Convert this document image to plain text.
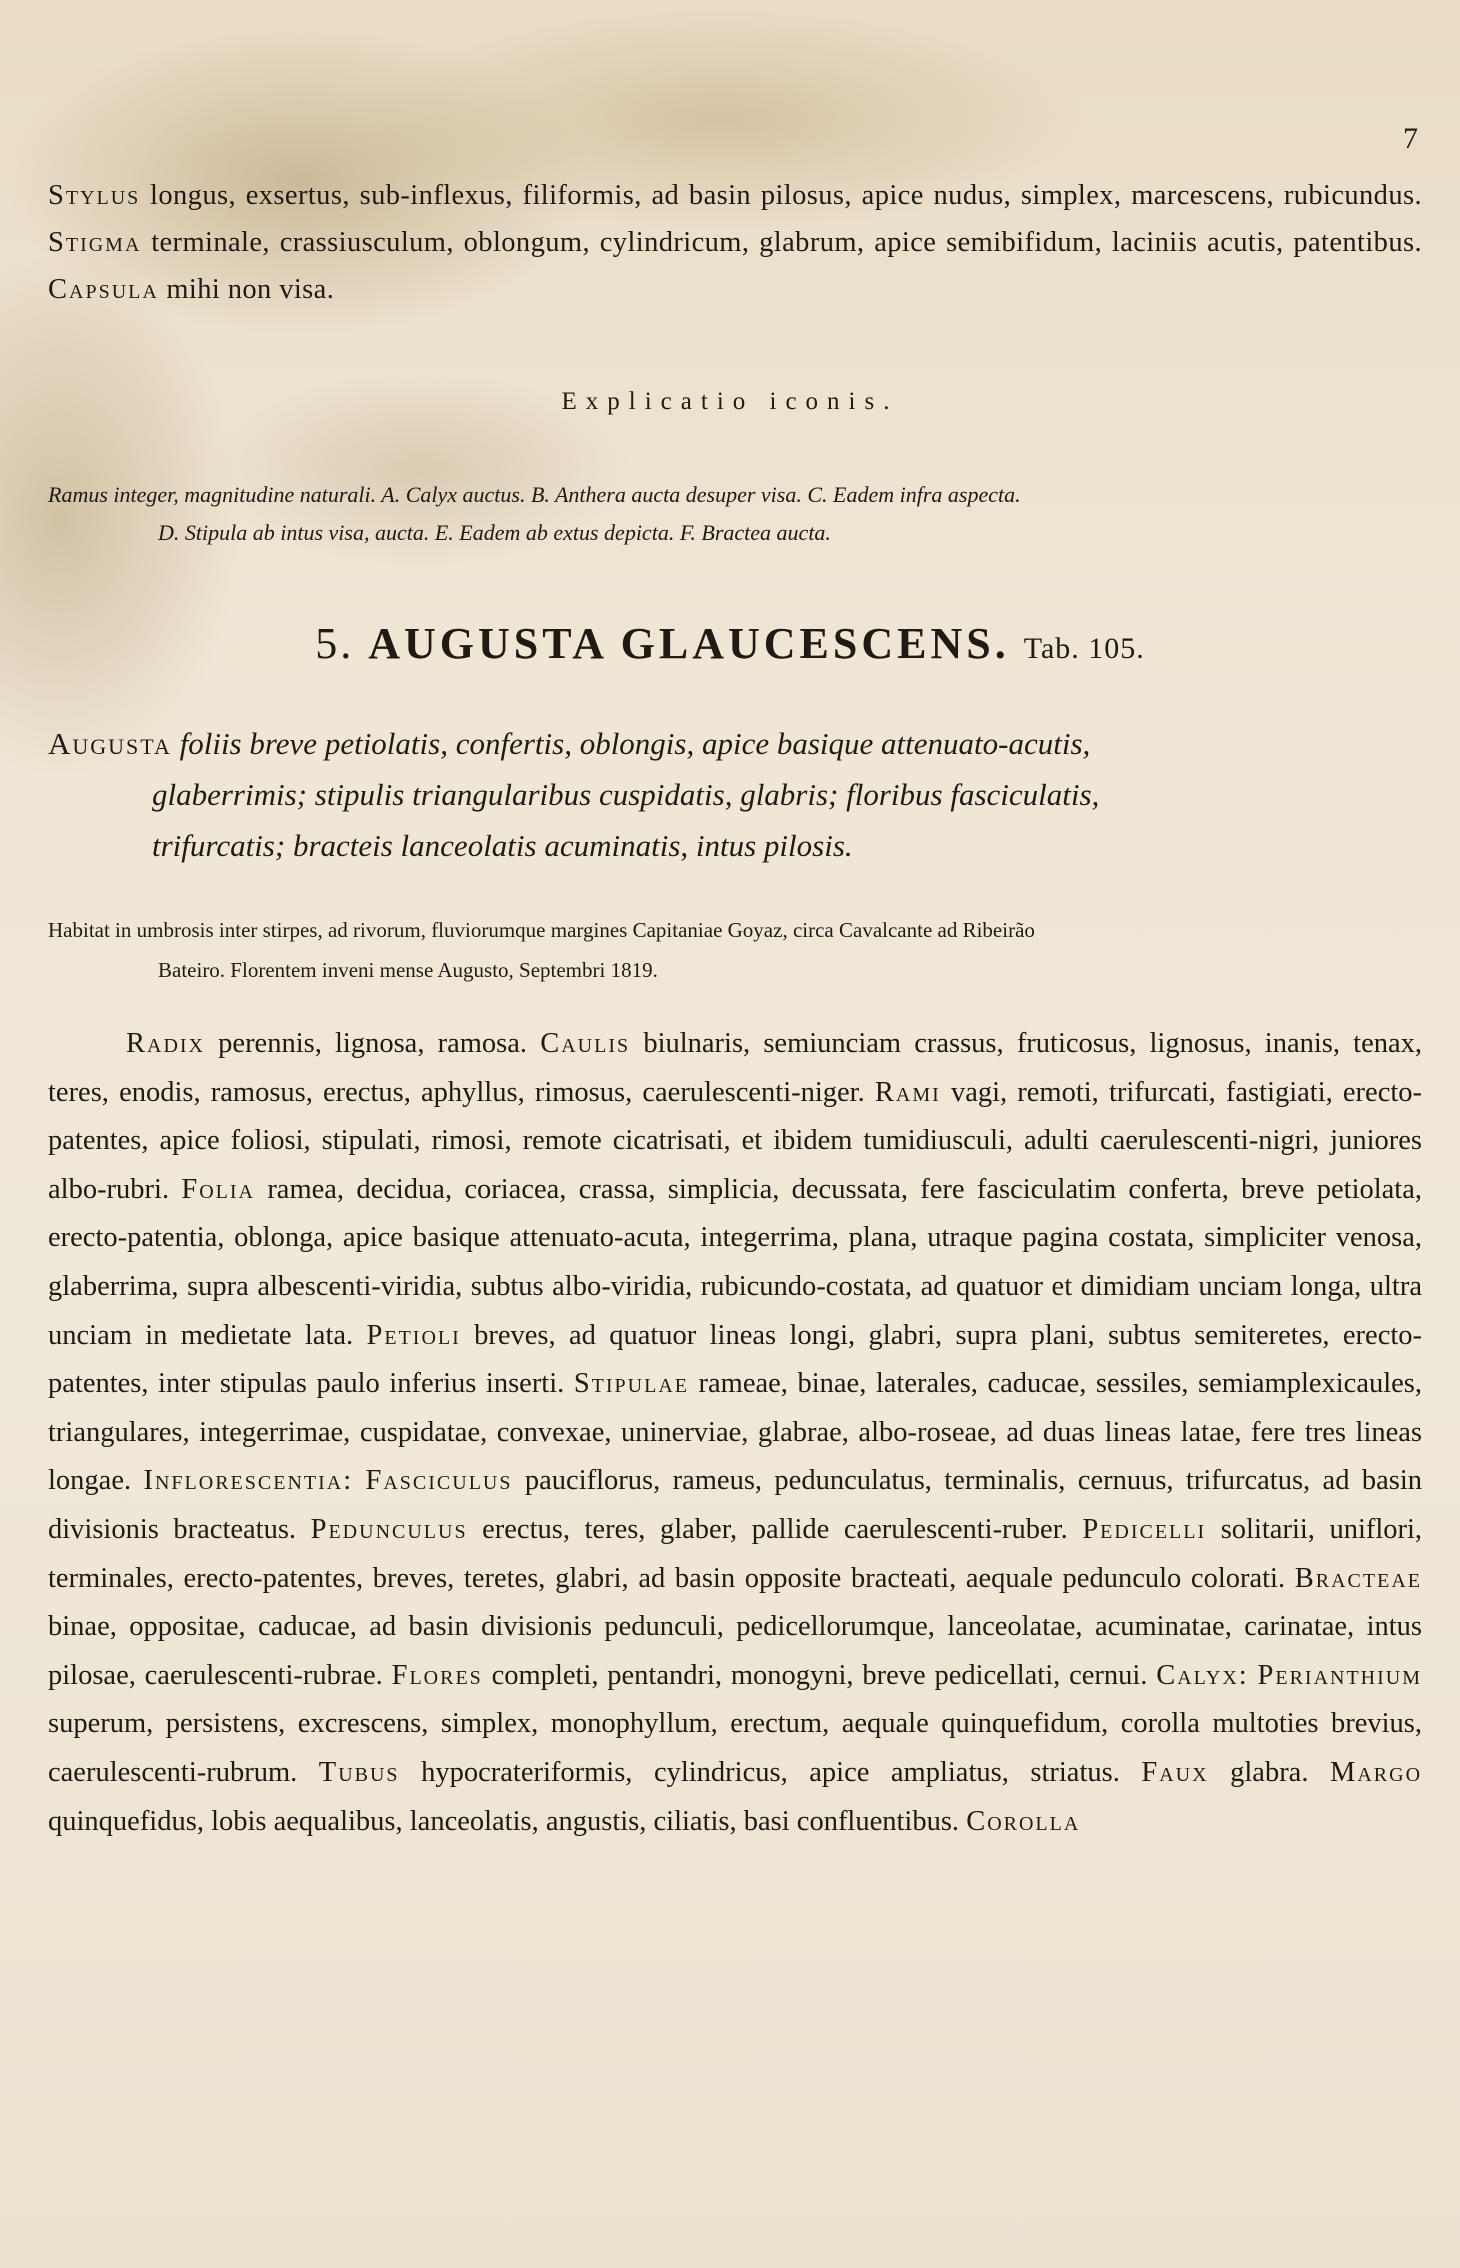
7

Stylus longus, exsertus, sub-inflexus, filiformis, ad basin pilosus, apice nudus, simplex, marcescens, rubicundus. Stigma terminale, crassiusculum, oblongum, cylindricum, glabrum, apice semibifidum, laciniis acutis, patentibus. Capsula mihi non visa.

Explicatio iconis.

Ramus integer, magnitudine naturali. A. Calyx auctus. B. Anthera aucta desuper visa. C. Eadem infra aspecta.

D. Stipula ab intus visa, aucta. E. Eadem ab extus depicta. F. Bractea aucta.

5. AUGUSTA GLAUCESCENS. Tab. 105.

Augusta foliis breve petiolatis, confertis, oblongis, apice basique attenuato-acutis,

glaberrimis; stipulis triangularibus cuspidatis, glabris; floribus fasciculatis,

trifurcatis; bracteis lanceolatis acuminatis, intus pilosis.

Habitat in umbrosis inter stirpes, ad rivorum, fluviorumque margines Capitaniae Goyaz, circa Cavalcante ad Ribeirão

Bateiro. Florentem inveni mense Augusto, Septembri 1819.

Radix perennis, lignosa, ramosa. Caulis biulnaris, semiunciam crassus, fruticosus, lignosus, inanis, tenax, teres, enodis, ramosus, erectus, aphyllus, rimosus, caerulescenti-niger. Rami vagi, remoti, trifurcati, fastigiati, erecto-patentes, apice foliosi, stipulati, rimosi, remote cicatrisati, et ibidem tumidiusculi, adulti caerulescenti-nigri, juniores albo-rubri. Folia ramea, decidua, coriacea, crassa, simplicia, decussata, fere fasciculatim conferta, breve petiolata, erecto-patentia, oblonga, apice basique attenuato-acuta, integerrima, plana, utraque pagina costata, simpliciter venosa, glaberrima, supra albescenti-viridia, subtus albo-viridia, rubicundo-costata, ad quatuor et dimidiam unciam longa, ultra unciam in medietate lata. Petioli breves, ad quatuor lineas longi, glabri, supra plani, subtus semiteretes, erecto-patentes, inter stipulas paulo inferius inserti. Stipulae rameae, binae, laterales, caducae, sessiles, semiamplexicaules, triangulares, integerrimae, cuspidatae, convexae, uninerviae, glabrae, albo-roseae, ad duas lineas latae, fere tres lineas longae. Inflorescentia: Fasciculus pauciflorus, rameus, pedunculatus, terminalis, cernuus, trifurcatus, ad basin divisionis bracteatus. Pedunculus erectus, teres, glaber, pallide caerulescenti-ruber. Pedicelli solitarii, uniflori, terminales, erecto-patentes, breves, teretes, glabri, ad basin opposite bracteati, aequale pedunculo colorati. Bracteae binae, oppositae, caducae, ad basin divisionis pedunculi, pedicellorumque, lanceolatae, acuminatae, carinatae, intus pilosae, caerulescenti-rubrae. Flores completi, pentandri, monogyni, breve pedicellati, cernui. Calyx: Perianthium superum, persistens, excrescens, simplex, monophyllum, erectum, aequale quinquefidum, corolla multoties brevius, caerulescenti-rubrum. Tubus hypocrateriformis, cylindricus, apice ampliatus, striatus. Faux glabra. Margo quinquefidus, lobis aequalibus, lanceolatis, angustis, ciliatis, basi confluentibus. Corolla
